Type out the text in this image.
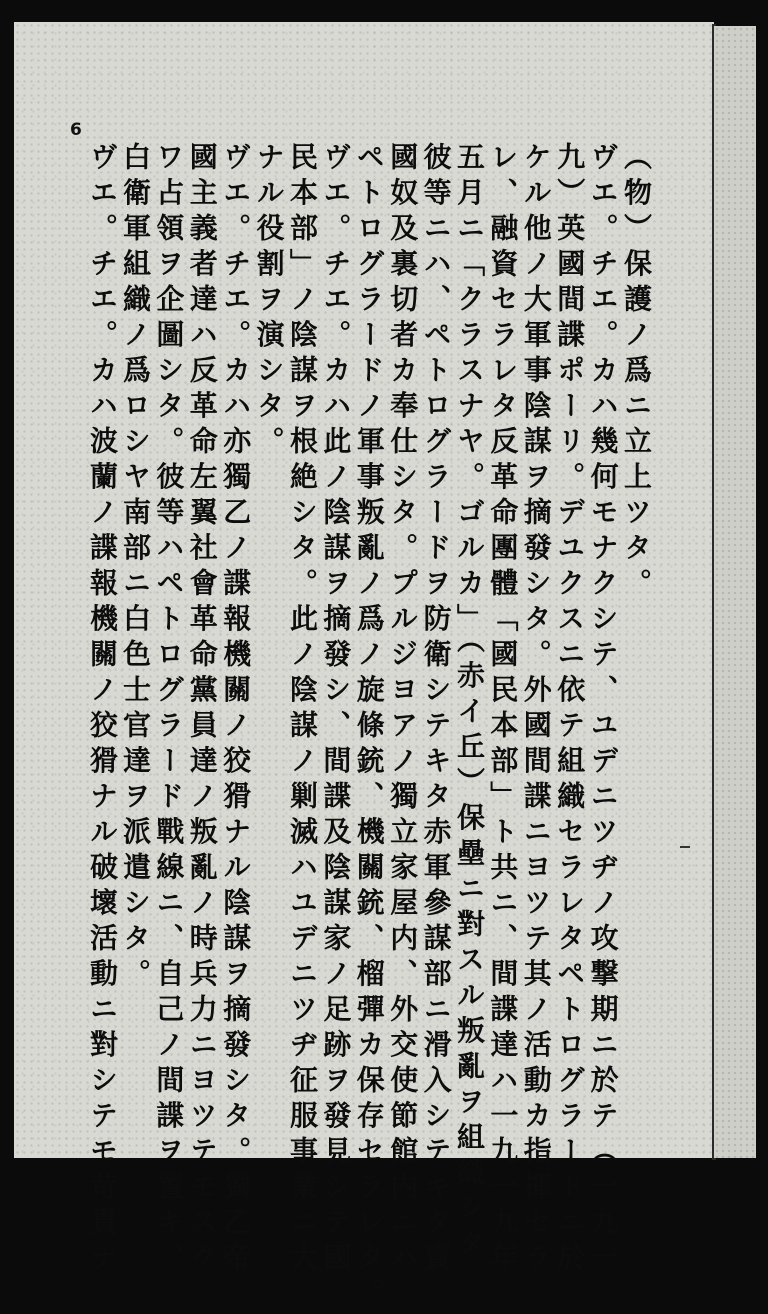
6
（物）保護ノ爲ニ立上ツタ。
ヴエ。チエ。カハ幾何モナクシテ、ユデニツヂノ攻撃期ニ於テ（一九一
九）英國間諜ポーリ。デユクスニ依テ組織セラレタペトログラードニ於
ケル他ノ大軍事陰謀ヲ摘發シタ。外國間諜ニヨツテ其ノ活動カ指揮セラ
レ、融資セラレタ反革命團體「國民本部」ト共ニ、間諜達ハ一九一九年
五月ニ「クラスナヤ。ゴルカ」（赤イ丘）保壘ニ對スル叛亂ヲ組織シタ
彼等ニハ、ペトログラードヲ防衛シテキタ赤軍參謀部ニ滑入シテキタ賣
國奴及裏切者カ奉仕シタ。プルジヨアノ獨立家屋内、外交使節館内ニハ
ペトログラードノ軍事叛亂ノ爲ノ旋條銃、機關銃、榴彈カ保存セラレタ。
ヴエ。チエ。カハ此ノ陰謀ヲ摘發シ、間諜及陰謀家ノ足跡ヲ發見シテ國
民本部」ノ陰謀ヲ根絶シタ。此ノ陰謀ノ剿滅ハユデニツヂ征服事業ニ大
ナル役割ヲ演シタ。
ヴエ。チエ。カハ亦獨乙ノ諜報機關ノ狡猾ナル陰謀ヲ摘發シタ。獨乙帝
國主義者達ハ反革命左翼社會革命黨員達ノ叛亂ノ時兵力ニヨツテモスク
ワ占領ヲ企圖シタ。彼等ハペトログラード戰線ニ、自己ノ間諜ヲ置キ、
白衛軍組織ノ爲ロシヤ南部ニ白色士官達ヲ派遣シタ。
ヴエ。チエ。カハ波蘭ノ諜報機關ノ狡猾ナル破壞活動ニ對シテモ苛責ナ
